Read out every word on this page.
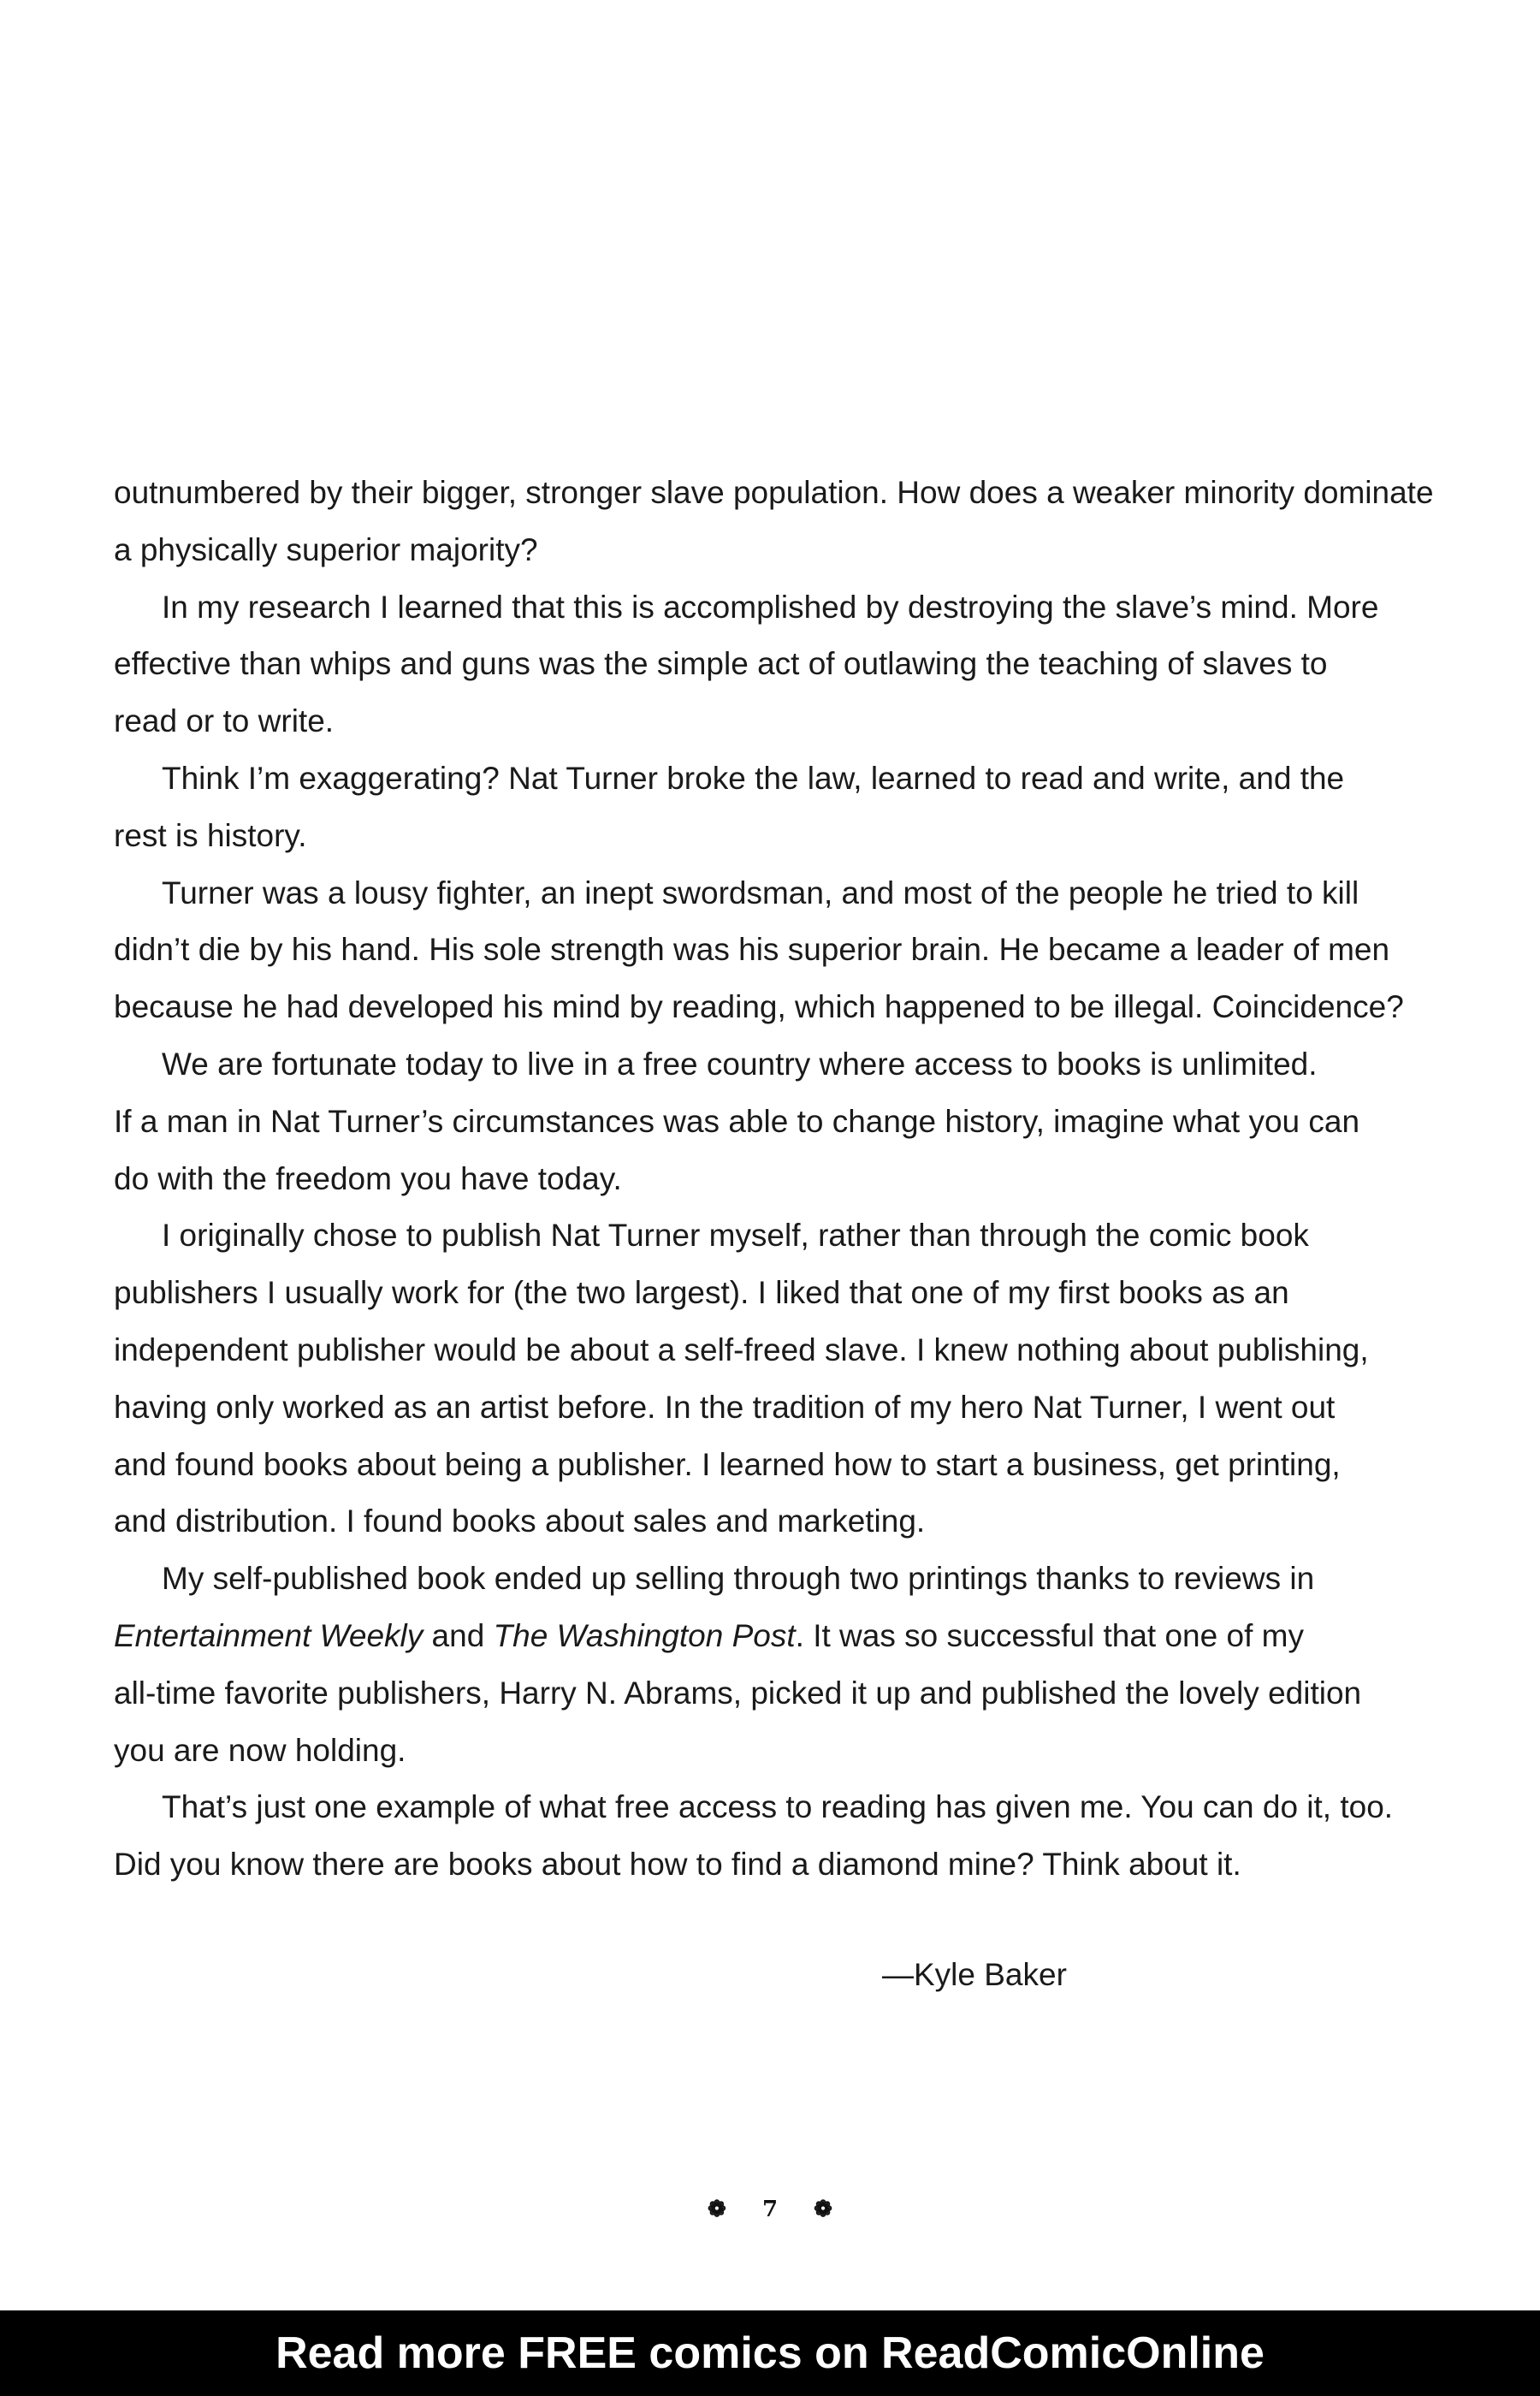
outnumbered by their bigger, stronger slave population. How does a weaker minority dominate
a physically superior majority?

In my research I learned that this is accomplished by destroying the slave’s mind. More
effective than whips and guns was the simple act of outlawing the teaching of slaves to
read or to write.

Think I’m exaggerating? Nat Turner broke the law, learned to read and write, and the
rest is history.

Turner was a lousy fighter, an inept swordsman, and most of the people he tried to kill
didn’t die by his hand. His sole strength was his superior brain. He became a leader of men
because he had developed his mind by reading, which happened to be illegal. Coincidence?

We are fortunate today to live in a free country where access to books is unlimited.
If a man in Nat Turner’s circumstances was able to change history, imagine what you can
do with the freedom you have today.

I originally chose to publish Nat Turner myself, rather than through the comic book
publishers I usually work for (the two largest). I liked that one of my first books as an
independent publisher would be about a self-freed slave. I knew nothing about publishing,
having only worked as an artist before. In the tradition of my hero Nat Turner, I went out
and found books about being a publisher. I learned how to start a business, get printing,
and distribution. I found books about sales and marketing.

My self-published book ended up selling through two printings thanks to reviews in
Entertainment Weekly and The Washington Post. It was so successful that one of my
all-time favorite publishers, Harry N. Abrams, picked it up and published the lovely edition
you are now holding.

That’s just one example of what free access to reading has given me. You can do it, too.
Did you know there are books about how to find a diamond mine? Think about it.

—Kyle Baker
❁ 7 ❁
Read more FREE comics on ReadComicOnline
